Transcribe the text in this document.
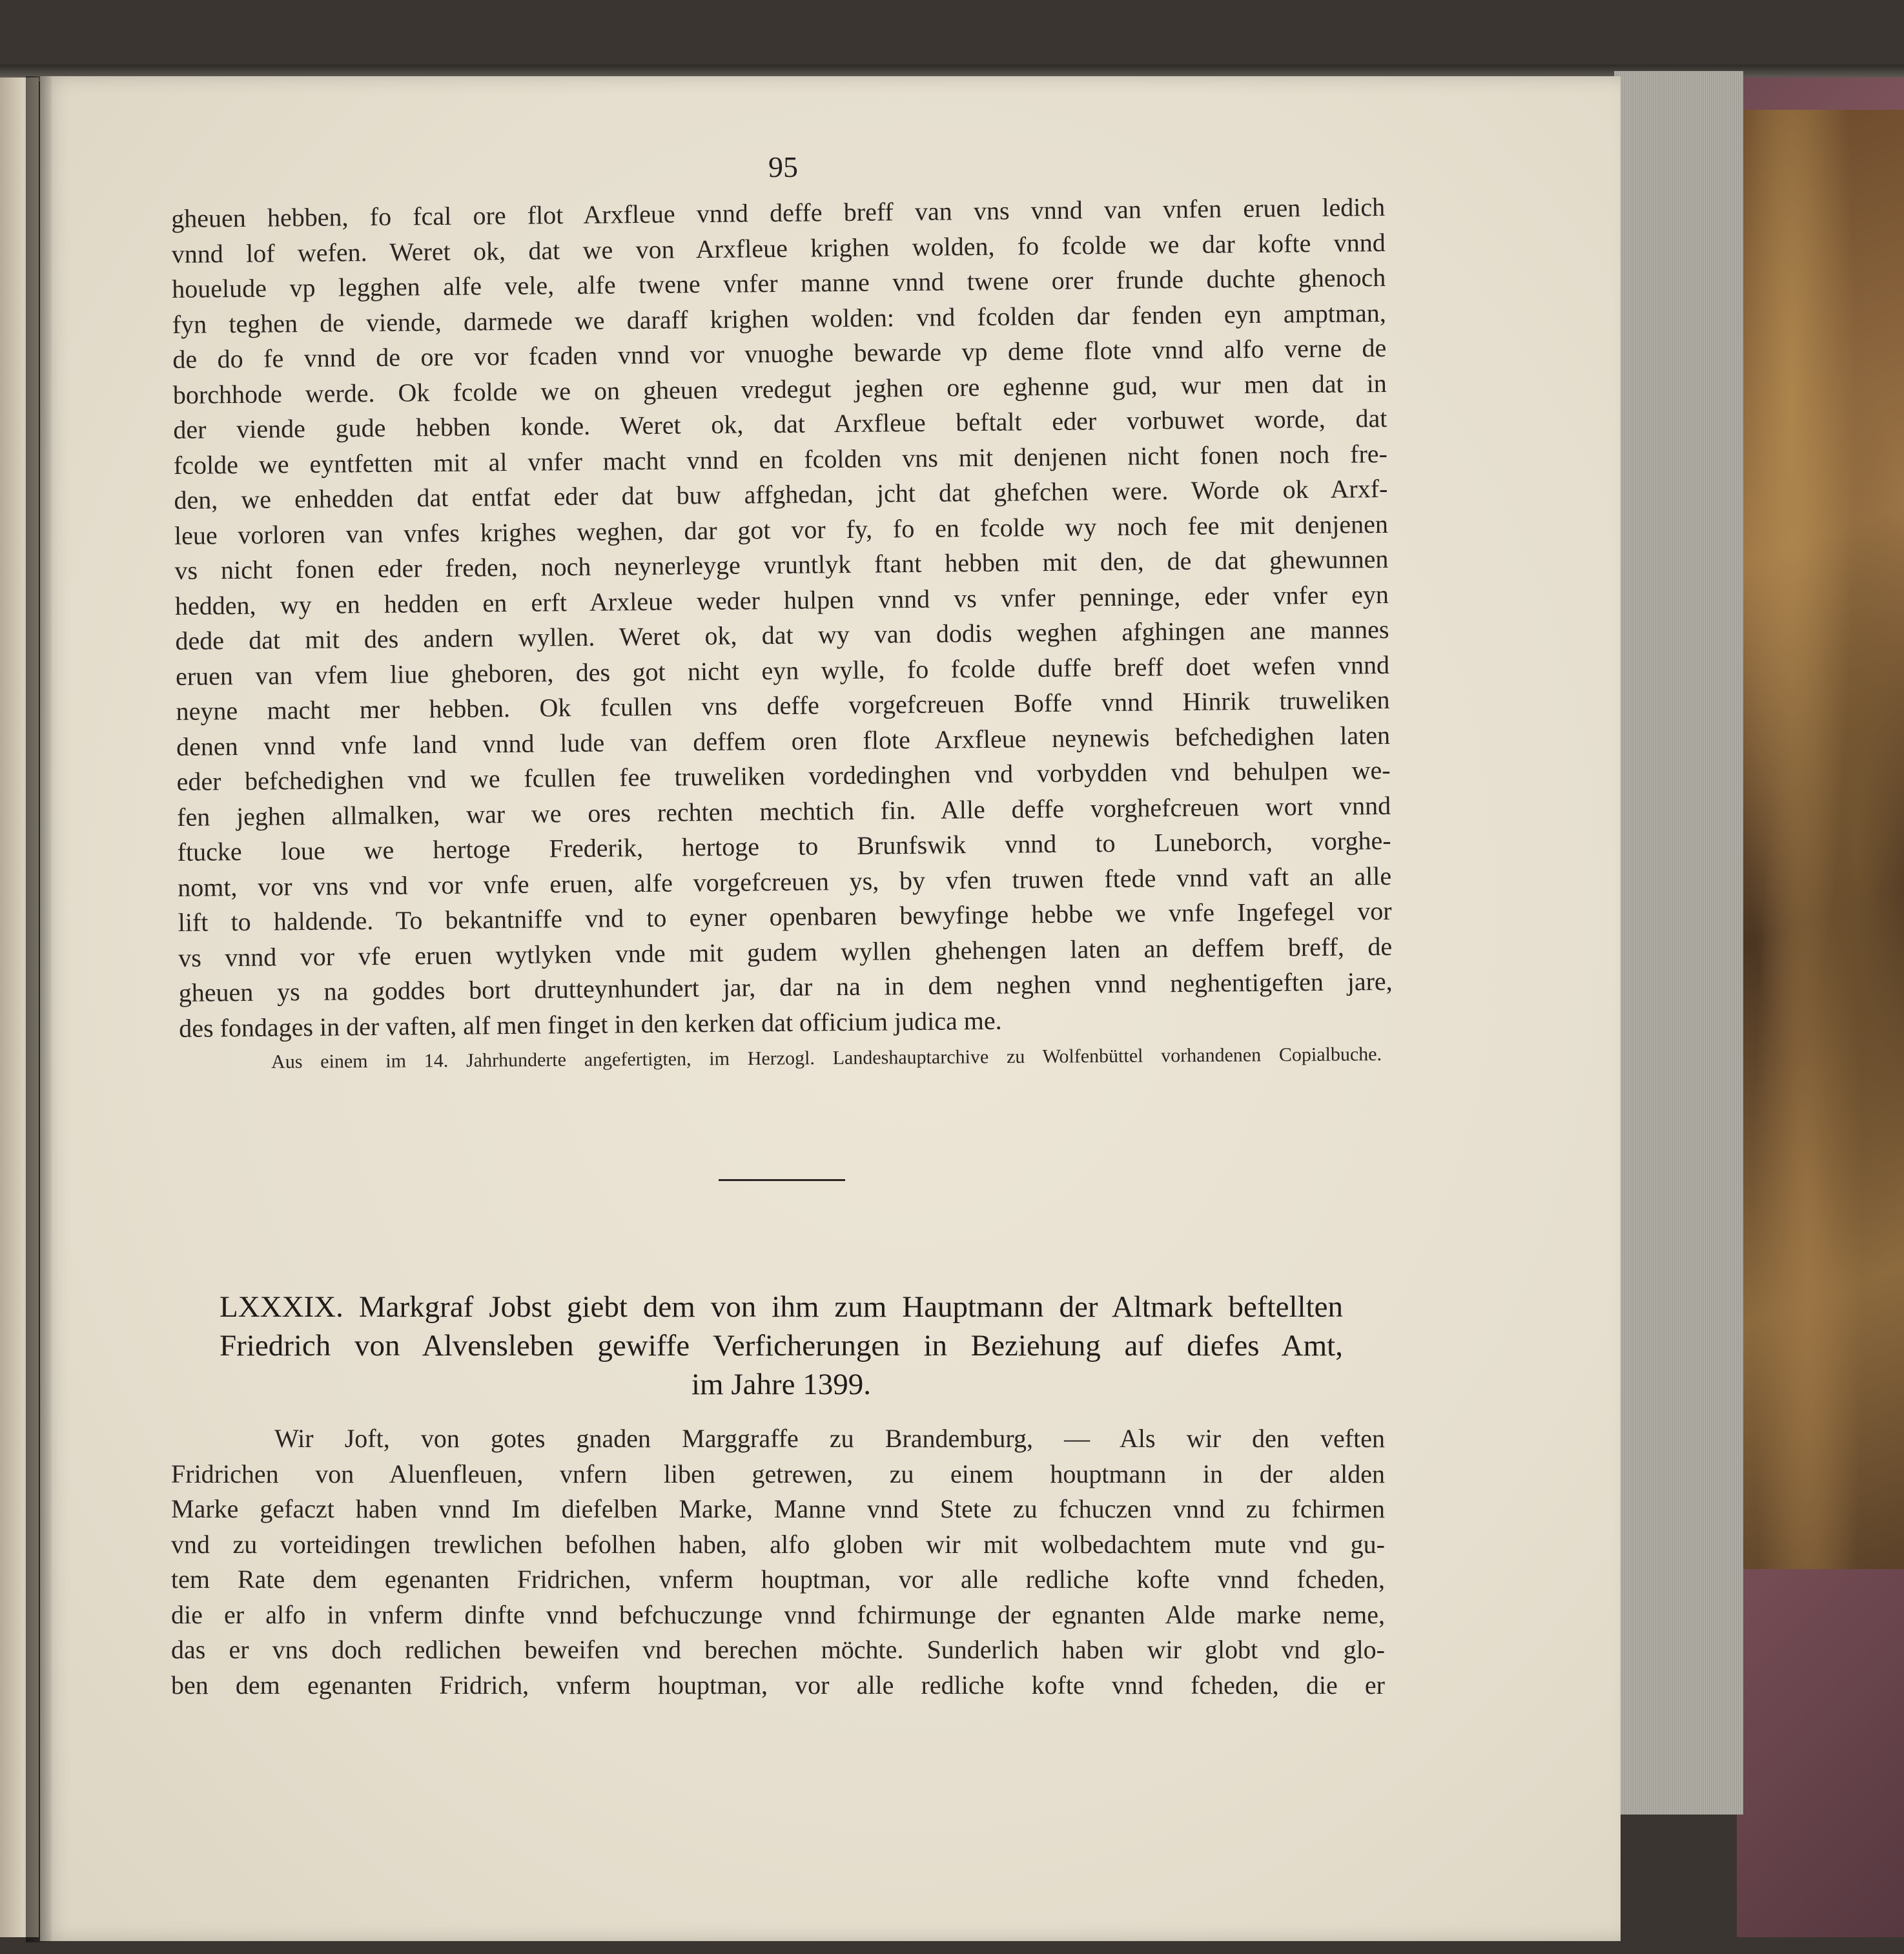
95
gheuen hebben, fo fcal ore flot Arxfleue vnnd deffe breff van vns vnnd van vnfen eruen ledich
vnnd lof wefen. Weret ok, dat we von Arxfleue krighen wolden, fo fcolde we dar kofte vnnd
houelude vp legghen alfe vele, alfe twene vnfer manne vnnd twene orer frunde duchte ghenoch
fyn teghen de viende, darmede we daraff krighen wolden: vnd fcolden dar fenden eyn amptman,
de do fe vnnd de ore vor fcaden vnnd vor vnuoghe bewarde vp deme flote vnnd alfo verne de
borchhode werde. Ok fcolde we on gheuen vredegut jeghen ore eghenne gud, wur men dat in
der viende gude hebben konde. Weret ok, dat Arxfleue beftalt eder vorbuwet worde, dat
fcolde we eyntfetten mit al vnfer macht vnnd en fcolden vns mit denjenen nicht fonen noch fre-
den, we enhedden dat entfat eder dat buw affghedan, jcht dat ghefchen were. Worde ok Arxf-
leue vorloren van vnfes krighes weghen, dar got vor fy, fo en fcolde wy noch fee mit denjenen
vs nicht fonen eder freden, noch neynerleyge vruntlyk ftant hebben mit den, de dat ghewunnen
hedden, wy en hedden en erft Arxleue weder hulpen vnnd vs vnfer penninge, eder vnfer eyn
dede dat mit des andern wyllen. Weret ok, dat wy van dodis weghen afghingen ane mannes
eruen van vfem liue gheboren, des got nicht eyn wylle, fo fcolde duffe breff doet wefen vnnd
neyne macht mer hebben. Ok fcullen vns deffe vorgefcreuen Boffe vnnd Hinrik truweliken
denen vnnd vnfe land vnnd lude van deffem oren flote Arxfleue neynewis befchedighen laten
eder befchedighen vnd we fcullen fee truweliken vordedinghen vnd vorbydden vnd behulpen we-
fen jeghen allmalken, war we ores rechten mechtich fin. Alle deffe vorghefcreuen wort vnnd
ftucke loue we hertoge Frederik, hertoge to Brunfswik vnnd to Luneborch, vorghe-
nomt, vor vns vnd vor vnfe eruen, alfe vorgefcreuen ys, by vfen truwen ftede vnnd vaft an alle
lift to haldende. To bekantniffe vnd to eyner openbaren bewyfinge hebbe we vnfe Ingefegel vor
vs vnnd vor vfe eruen wytlyken vnde mit gudem wyllen ghehengen laten an deffem breff, de
gheuen ys na goddes bort drutteynhundert jar, dar na in dem neghen vnnd neghentigeften jare,
des fondages in der vaften, alf men finget in den kerken dat officium judica me.
Aus einem im 14. Jahrhunderte angefertigten, im Herzogl. Landeshauptarchive zu Wolfenbüttel vorhandenen Copialbuche.
LXXXIX. Markgraf Jobst giebt dem von ihm zum Hauptmann der Altmark beftellten
Friedrich von Alvensleben gewiffe Verficherungen in Beziehung auf diefes Amt,
im Jahre 1399.
Wir Joft, von gotes gnaden Marggraffe zu Brandemburg, — Als wir den veften
Fridrichen von Aluenfleuen, vnfern liben getrewen, zu einem houptmann in der alden
Marke gefaczt haben vnnd Im diefelben Marke, Manne vnnd Stete zu fchuczen vnnd zu fchirmen
vnd zu vorteidingen trewlichen befolhen haben, alfo globen wir mit wolbedachtem mute vnd gu-
tem Rate dem egenanten Fridrichen, vnferm houptman, vor alle redliche kofte vnnd fcheden,
die er alfo in vnferm dinfte vnnd befchuczunge vnnd fchirmunge der egnanten Alde marke neme,
das er vns doch redlichen beweifen vnd berechen möchte. Sunderlich haben wir globt vnd glo-
ben dem egenanten Fridrich, vnferm houptman, vor alle redliche kofte vnnd fcheden, die er
